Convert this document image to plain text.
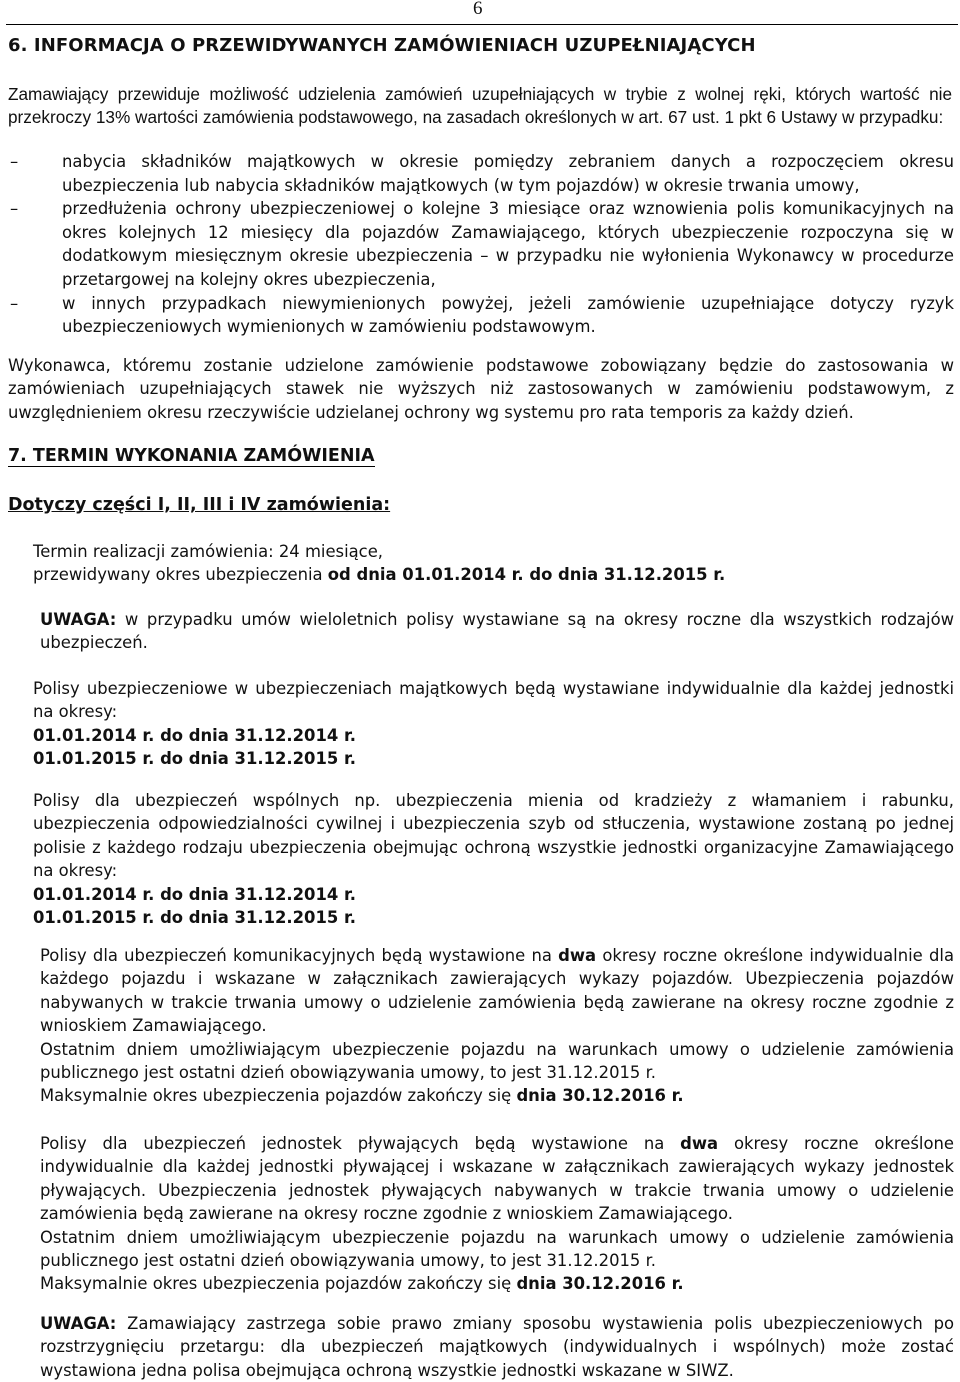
6
6. INFORMACJA O PRZEWIDYWANYCH ZAMÓWIENIACH UZUPEŁNIAJĄCYCH
Zamawiający przewiduje możliwość udzielenia zamówień uzupełniających w trybie z wolnej ręki, których wartość nie przekroczy 13% wartości zamówienia podstawowego, na zasadach określonych w art. 67 ust. 1 pkt 6 Ustawy w przypadku:
–	nabycia składników majątkowych w okresie pomiędzy zebraniem danych a rozpoczęciem okresu ubezpieczenia lub nabycia składników majątkowych (w tym pojazdów) w okresie trwania umowy,
–	przedłużenia ochrony ubezpieczeniowej o kolejne 3 miesiące oraz wznowienia polis komunikacyjnych na okres kolejnych 12 miesięcy dla pojazdów Zamawiającego, których ubezpieczenie rozpoczyna się w dodatkowym miesięcznym okresie ubezpieczenia – w przypadku nie wyłonienia Wykonawcy w procedurze przetargowej na kolejny okres ubezpieczenia,
–	w innych przypadkach niewymienionych powyżej, jeżeli zamówienie uzupełniające dotyczy ryzyk ubezpieczeniowych wymienionych w zamówieniu podstawowym.
Wykonawca, któremu zostanie udzielone zamówienie podstawowe zobowiązany będzie do zastosowania w zamówieniach uzupełniających stawek nie wyższych niż zastosowanych w zamówieniu podstawowym, z uwzględnieniem okresu rzeczywiście udzielanej ochrony wg systemu pro rata temporis za każdy dzień.
7. TERMIN WYKONANIA ZAMÓWIENIA
Dotyczy części I, II, III i IV zamówienia:

Termin realizacji zamówienia: 24 miesiące,

przewidywany okres ubezpieczenia od dnia 01.01.2014 r. do dnia 31.12.2015 r.

UWAGA: w przypadku umów wieloletnich polisy wystawiane są na okresy roczne dla wszystkich rodzajów ubezpieczeń.

Polisy ubezpieczeniowe w ubezpieczeniach majątkowych będą wystawiane indywidualnie dla każdej jednostki na okresy:

01.01.2014 r. do dnia 31.12.2014 r.

01.01.2015 r. do dnia 31.12.2015 r.

Polisy dla ubezpieczeń wspólnych np. ubezpieczenia mienia od kradzieży z włamaniem i rabunku, ubezpieczenia odpowiedzialności cywilnej i ubezpieczenia szyb od stłuczenia, wystawione zostaną po jednej polisie z każdego rodzaju ubezpieczenia obejmując ochroną wszystkie jednostki organizacyjne Zamawiającego na okresy:

01.01.2014 r. do dnia 31.12.2014 r.

01.01.2015 r. do dnia 31.12.2015 r.

Polisy dla ubezpieczeń komunikacyjnych będą wystawione na dwa okresy roczne określone indywidualnie dla każdego pojazdu i wskazane w załącznikach zawierających wykazy pojazdów. Ubezpieczenia pojazdów nabywanych w trakcie trwania umowy o udzielenie zamówienia będą zawierane na okresy roczne zgodnie z wnioskiem Zamawiającego.

Ostatnim dniem umożliwiającym ubezpieczenie pojazdu na warunkach umowy o udzielenie zamówienia publicznego jest ostatni dzień obowiązywania umowy, to jest 31.12.2015 r.

Maksymalnie okres ubezpieczenia pojazdów zakończy się dnia 30.12.2016 r.

Polisy dla ubezpieczeń jednostek pływających będą wystawione na dwa okresy roczne określone indywidualnie dla każdej jednostki pływającej i wskazane w załącznikach zawierających wykazy jednostek pływających. Ubezpieczenia jednostek pływających nabywanych w trakcie trwania umowy o udzielenie zamówienia będą zawierane na okresy roczne zgodnie z wnioskiem Zamawiającego.

Ostatnim dniem umożliwiającym ubezpieczenie pojazdu na warunkach umowy o udzielenie zamówienia publicznego jest ostatni dzień obowiązywania umowy, to jest 31.12.2015 r.

Maksymalnie okres ubezpieczenia pojazdów zakończy się dnia 30.12.2016 r.

UWAGA: Zamawiający zastrzega sobie prawo zmiany sposobu wystawienia polis ubezpieczeniowych po rozstrzygnięciu przetargu: dla ubezpieczeń majątkowych (indywidualnych i wspólnych) może zostać wystawiona jedna polisa obejmująca ochroną wszystkie jednostki wskazane w SIWZ.
